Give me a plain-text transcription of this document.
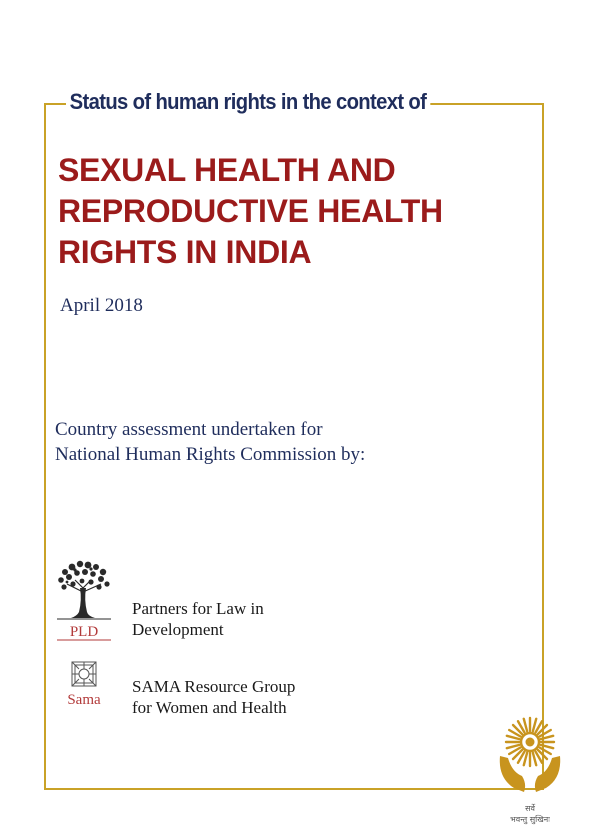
Status of human rights in the context of
SEXUAL HEALTH AND
REPRODUCTIVE HEALTH
RIGHTS IN INDIA
April 2018
Country assessment undertaken for
National Human Rights Commission by:
PLD
Partners for Law in
Development
Sama
SAMA Resource Group
for Women and Health
सर्वे
भवन्तु सुखिनः
